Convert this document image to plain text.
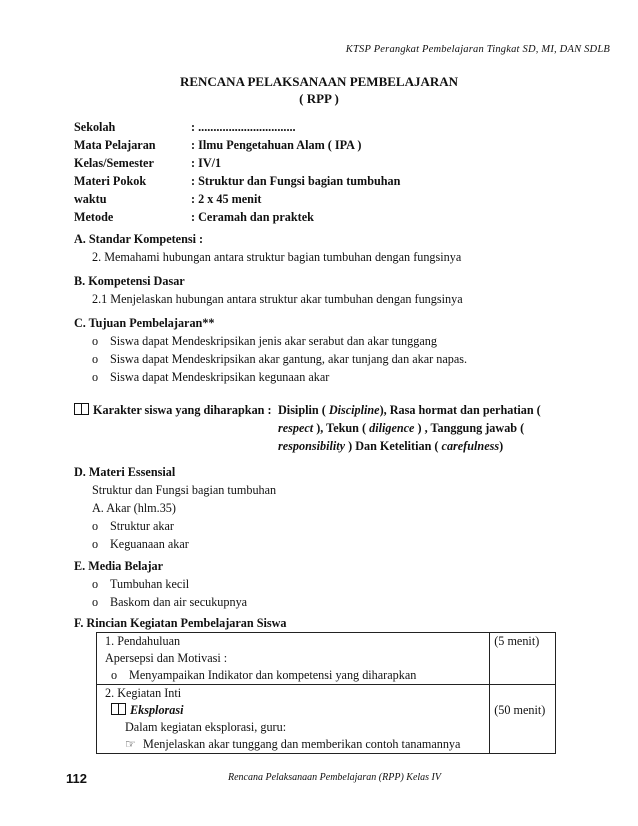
KTSP Perangkat Pembelajaran Tingkat SD, MI, DAN SDLB
RENCANA PELAKSANAAN PEMBELAJARAN
( RPP )
Sekolah	: ................................
Mata Pelajaran	: Ilmu Pengetahuan Alam ( IPA )
Kelas/Semester	: IV/1
Materi Pokok	: Struktur dan Fungsi bagian tumbuhan
waktu	: 2 x 45 menit
Metode	: Ceramah dan praktek
A. Standar Kompetensi :
2. Memahami hubungan antara struktur bagian tumbuhan dengan fungsinya
B. Kompetensi Dasar
2.1 Menjelaskan hubungan antara struktur akar tumbuhan dengan fungsinya
C. Tujuan Pembelajaran**
o Siswa dapat Mendeskripsikan jenis akar serabut dan akar tunggang
o Siswa dapat Mendeskripsikan akar gantung, akar tunjang dan akar napas.
o Siswa dapat Mendeskripsikan kegunaan akar
Karakter siswa yang diharapkan : Disiplin ( Discipline), Rasa hormat dan perhatian (
respect ), Tekun ( diligence ) , Tanggung jawab (
responsibility ) Dan Ketelitian ( carefulness)
D. Materi Essensial
Struktur dan Fungsi bagian tumbuhan
A. Akar (hlm.35)
o Struktur akar
o Keguanaan akar
E. Media Belajar
o Tumbuhan kecil
o Baskom dan air secukupnya
F. Rincian Kegiatan Pembelajaran Siswa
1. Pendahuluan
Apersepsi dan Motivasi :
o Menyampaikan Indikator dan kompetensi yang diharapkan	(5 menit)

2. Kegiatan Inti
Eksplorasi
Dalam kegiatan eksplorasi, guru:
☞ Menjelaskan akar tunggang dan memberikan contoh tanamannya	(50 menit)
112	Rencana Pelaksanaan Pembelajaran (RPP) Kelas IV
